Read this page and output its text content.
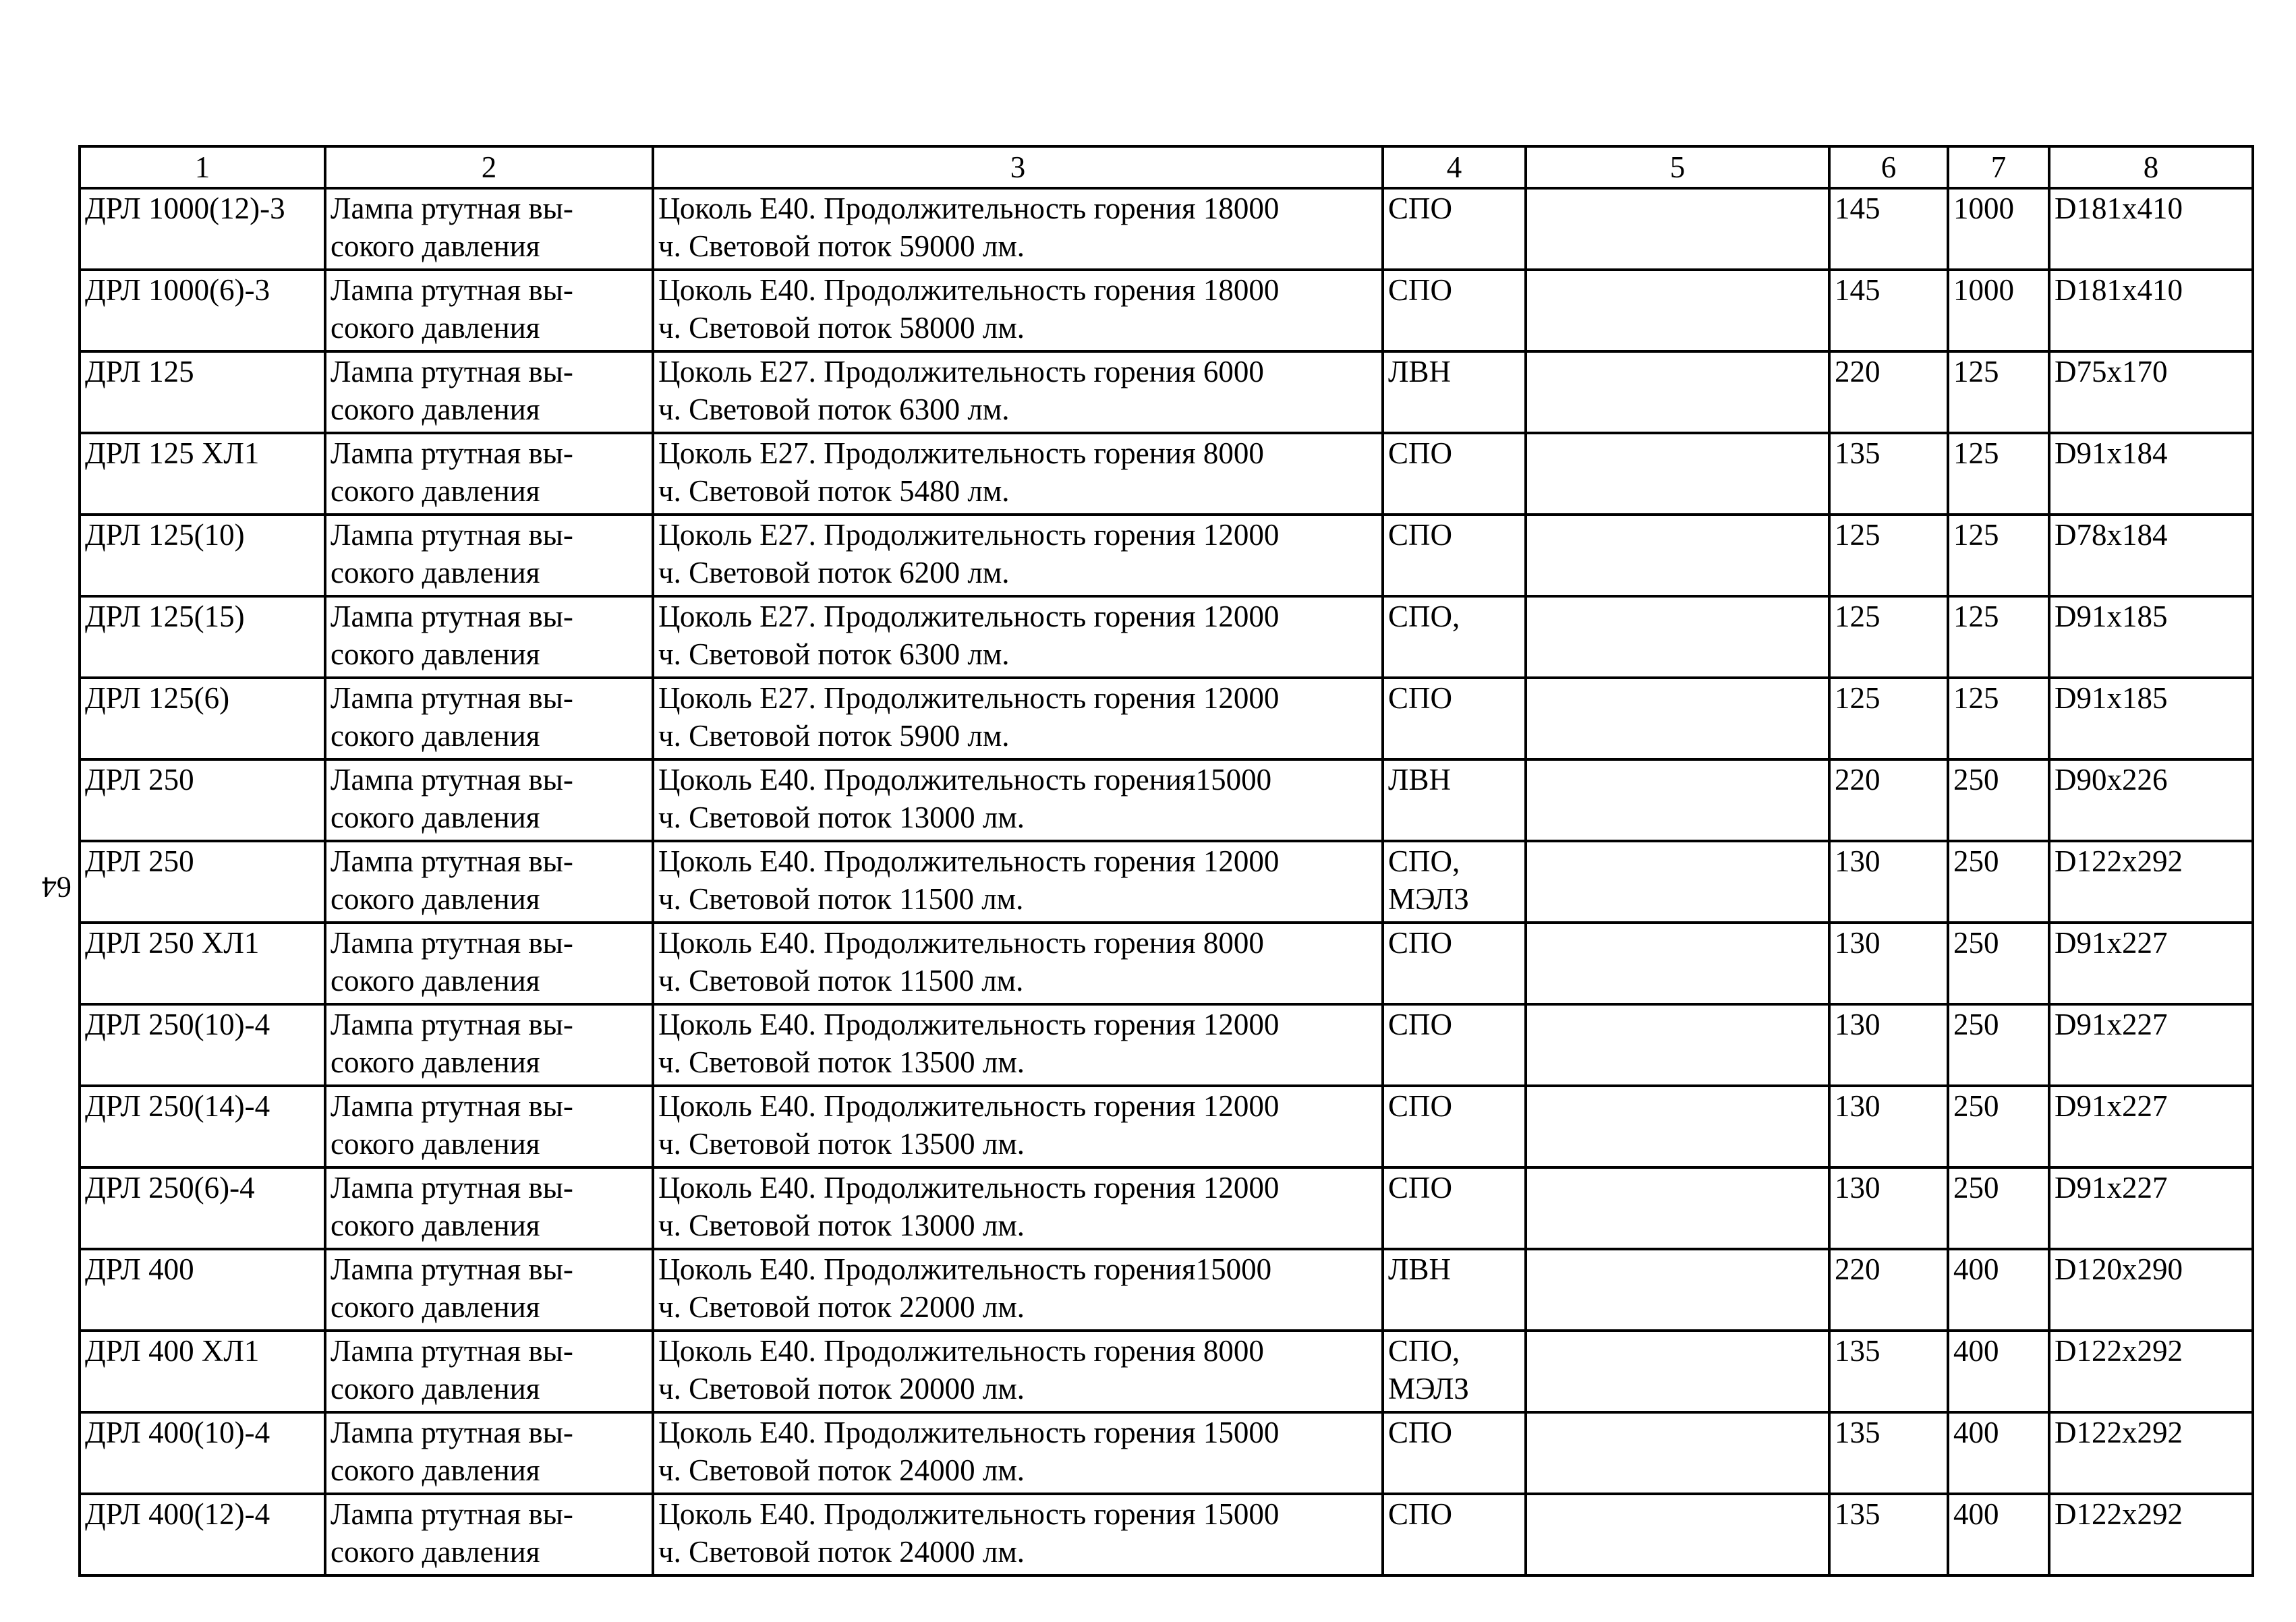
64
1	2	3	4	5	6	7	8

ДРЛ 1000(12)-3	Лампа ртутная вы-
сокого давления	Цоколь Е40. Продолжительность горения 18000
ч. Световой поток 59000 лм.	СПО		145	1000	D181x410

ДРЛ 1000(6)-3	Лампа ртутная вы-
сокого давления	Цоколь Е40. Продолжительность горения 18000
ч. Световой поток 58000 лм.	СПО		145	1000	D181x410

ДРЛ 125	Лампа ртутная вы-
сокого давления	Цоколь Е27. Продолжительность горения 6000
ч. Световой поток 6300 лм.	ЛВН		220	125	D75x170

ДРЛ 125 ХЛ1	Лампа ртутная вы-
сокого давления	Цоколь Е27. Продолжительность горения 8000
ч. Световой поток 5480 лм.	СПО		135	125	D91x184

ДРЛ 125(10)	Лампа ртутная вы-
сокого давления	Цоколь Е27. Продолжительность горения 12000
ч. Световой поток 6200 лм.	СПО		125	125	D78x184

ДРЛ 125(15)	Лампа ртутная вы-
сокого давления	Цоколь Е27. Продолжительность горения 12000
ч. Световой поток 6300 лм.	СПО,		125	125	D91x185

ДРЛ 125(6)	Лампа ртутная вы-
сокого давления	Цоколь Е27. Продолжительность горения 12000
ч. Световой поток 5900 лм.	СПО		125	125	D91x185

ДРЛ 250	Лампа ртутная вы-
сокого давления	Цоколь Е40. Продолжительность горения15000
ч. Световой поток 13000 лм.	ЛВН		220	250	D90x226

ДРЛ 250	Лампа ртутная вы-
сокого давления	Цоколь Е40. Продолжительность горения 12000
ч. Световой поток 11500 лм.	СПО,
МЭЛЗ		130	250	D122x292

ДРЛ 250 ХЛ1	Лампа ртутная вы-
сокого давления	Цоколь Е40. Продолжительность горения 8000
ч. Световой поток 11500 лм.	СПО		130	250	D91x227

ДРЛ 250(10)-4	Лампа ртутная вы-
сокого давления	Цоколь Е40. Продолжительность горения 12000
ч. Световой поток 13500 лм.	СПО		130	250	D91x227

ДРЛ 250(14)-4	Лампа ртутная вы-
сокого давления	Цоколь Е40. Продолжительность горения 12000
ч. Световой поток 13500 лм.	СПО		130	250	D91x227

ДРЛ 250(6)-4	Лампа ртутная вы-
сокого давления	Цоколь Е40. Продолжительность горения 12000
ч. Световой поток 13000 лм.	СПО		130	250	D91x227

ДРЛ 400	Лампа ртутная вы-
сокого давления	Цоколь Е40. Продолжительность горения15000
ч. Световой поток 22000 лм.	ЛВН		220	400	D120x290

ДРЛ 400 ХЛ1	Лампа ртутная вы-
сокого давления	Цоколь Е40. Продолжительность горения 8000
ч. Световой поток 20000 лм.	СПО,
МЭЛЗ		135	400	D122x292

ДРЛ 400(10)-4	Лампа ртутная вы-
сокого давления	Цоколь Е40. Продолжительность горения 15000
ч. Световой поток 24000 лм.	СПО		135	400	D122x292

ДРЛ 400(12)-4	Лампа ртутная вы-
сокого давления	Цоколь Е40. Продолжительность горения 15000
ч. Световой поток 24000 лм.	СПО		135	400	D122x292
